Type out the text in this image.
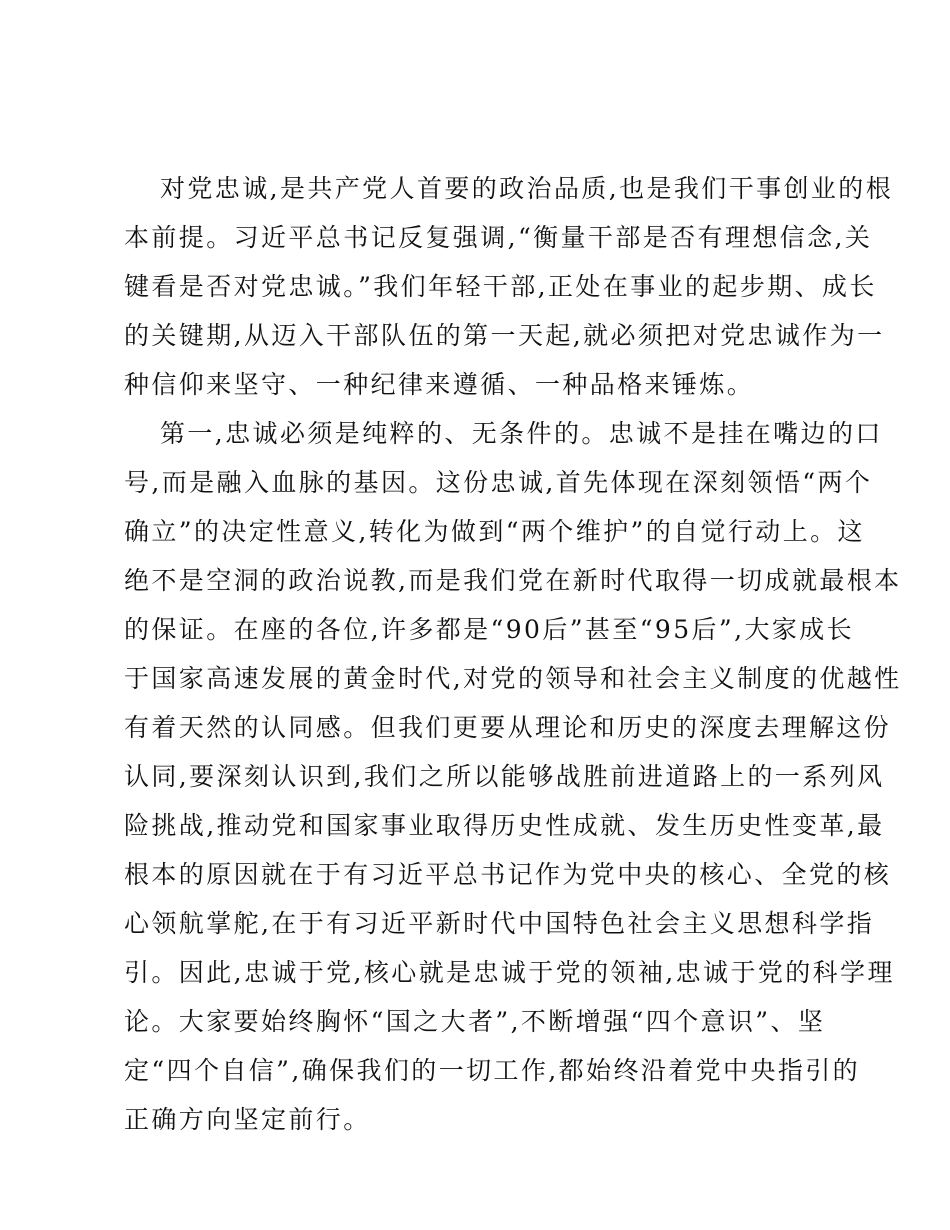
对党忠诚,是共产党人首要的政治品质,也是我们干事创业的根
本前提。习近平总书记反复强调,“衡量干部是否有理想信念,关
键看是否对党忠诚。”我们年轻干部,正处在事业的起步期、成长
的关键期,从迈入干部队伍的第一天起,就必须把对党忠诚作为一
种信仰来坚守、一种纪律来遵循、一种品格来锤炼。
第一,忠诚必须是纯粹的、无条件的。忠诚不是挂在嘴边的口
号,而是融入血脉的基因。这份忠诚,首先体现在深刻领悟“两个
确立”的决定性意义,转化为做到“两个维护”的自觉行动上。这
绝不是空洞的政治说教,而是我们党在新时代取得一切成就最根本
的保证。在座的各位,许多都是“90后”甚至“95后”,大家成长
于国家高速发展的黄金时代,对党的领导和社会主义制度的优越性
有着天然的认同感。但我们更要从理论和历史的深度去理解这份
认同,要深刻认识到,我们之所以能够战胜前进道路上的一系列风
险挑战,推动党和国家事业取得历史性成就、发生历史性变革,最
根本的原因就在于有习近平总书记作为党中央的核心、全党的核
心领航掌舵,在于有习近平新时代中国特色社会主义思想科学指
引。因此,忠诚于党,核心就是忠诚于党的领袖,忠诚于党的科学理
论。大家要始终胸怀“国之大者”,不断增强“四个意识”、坚
定“四个自信”,确保我们的一切工作,都始终沿着党中央指引的
正确方向坚定前行。
